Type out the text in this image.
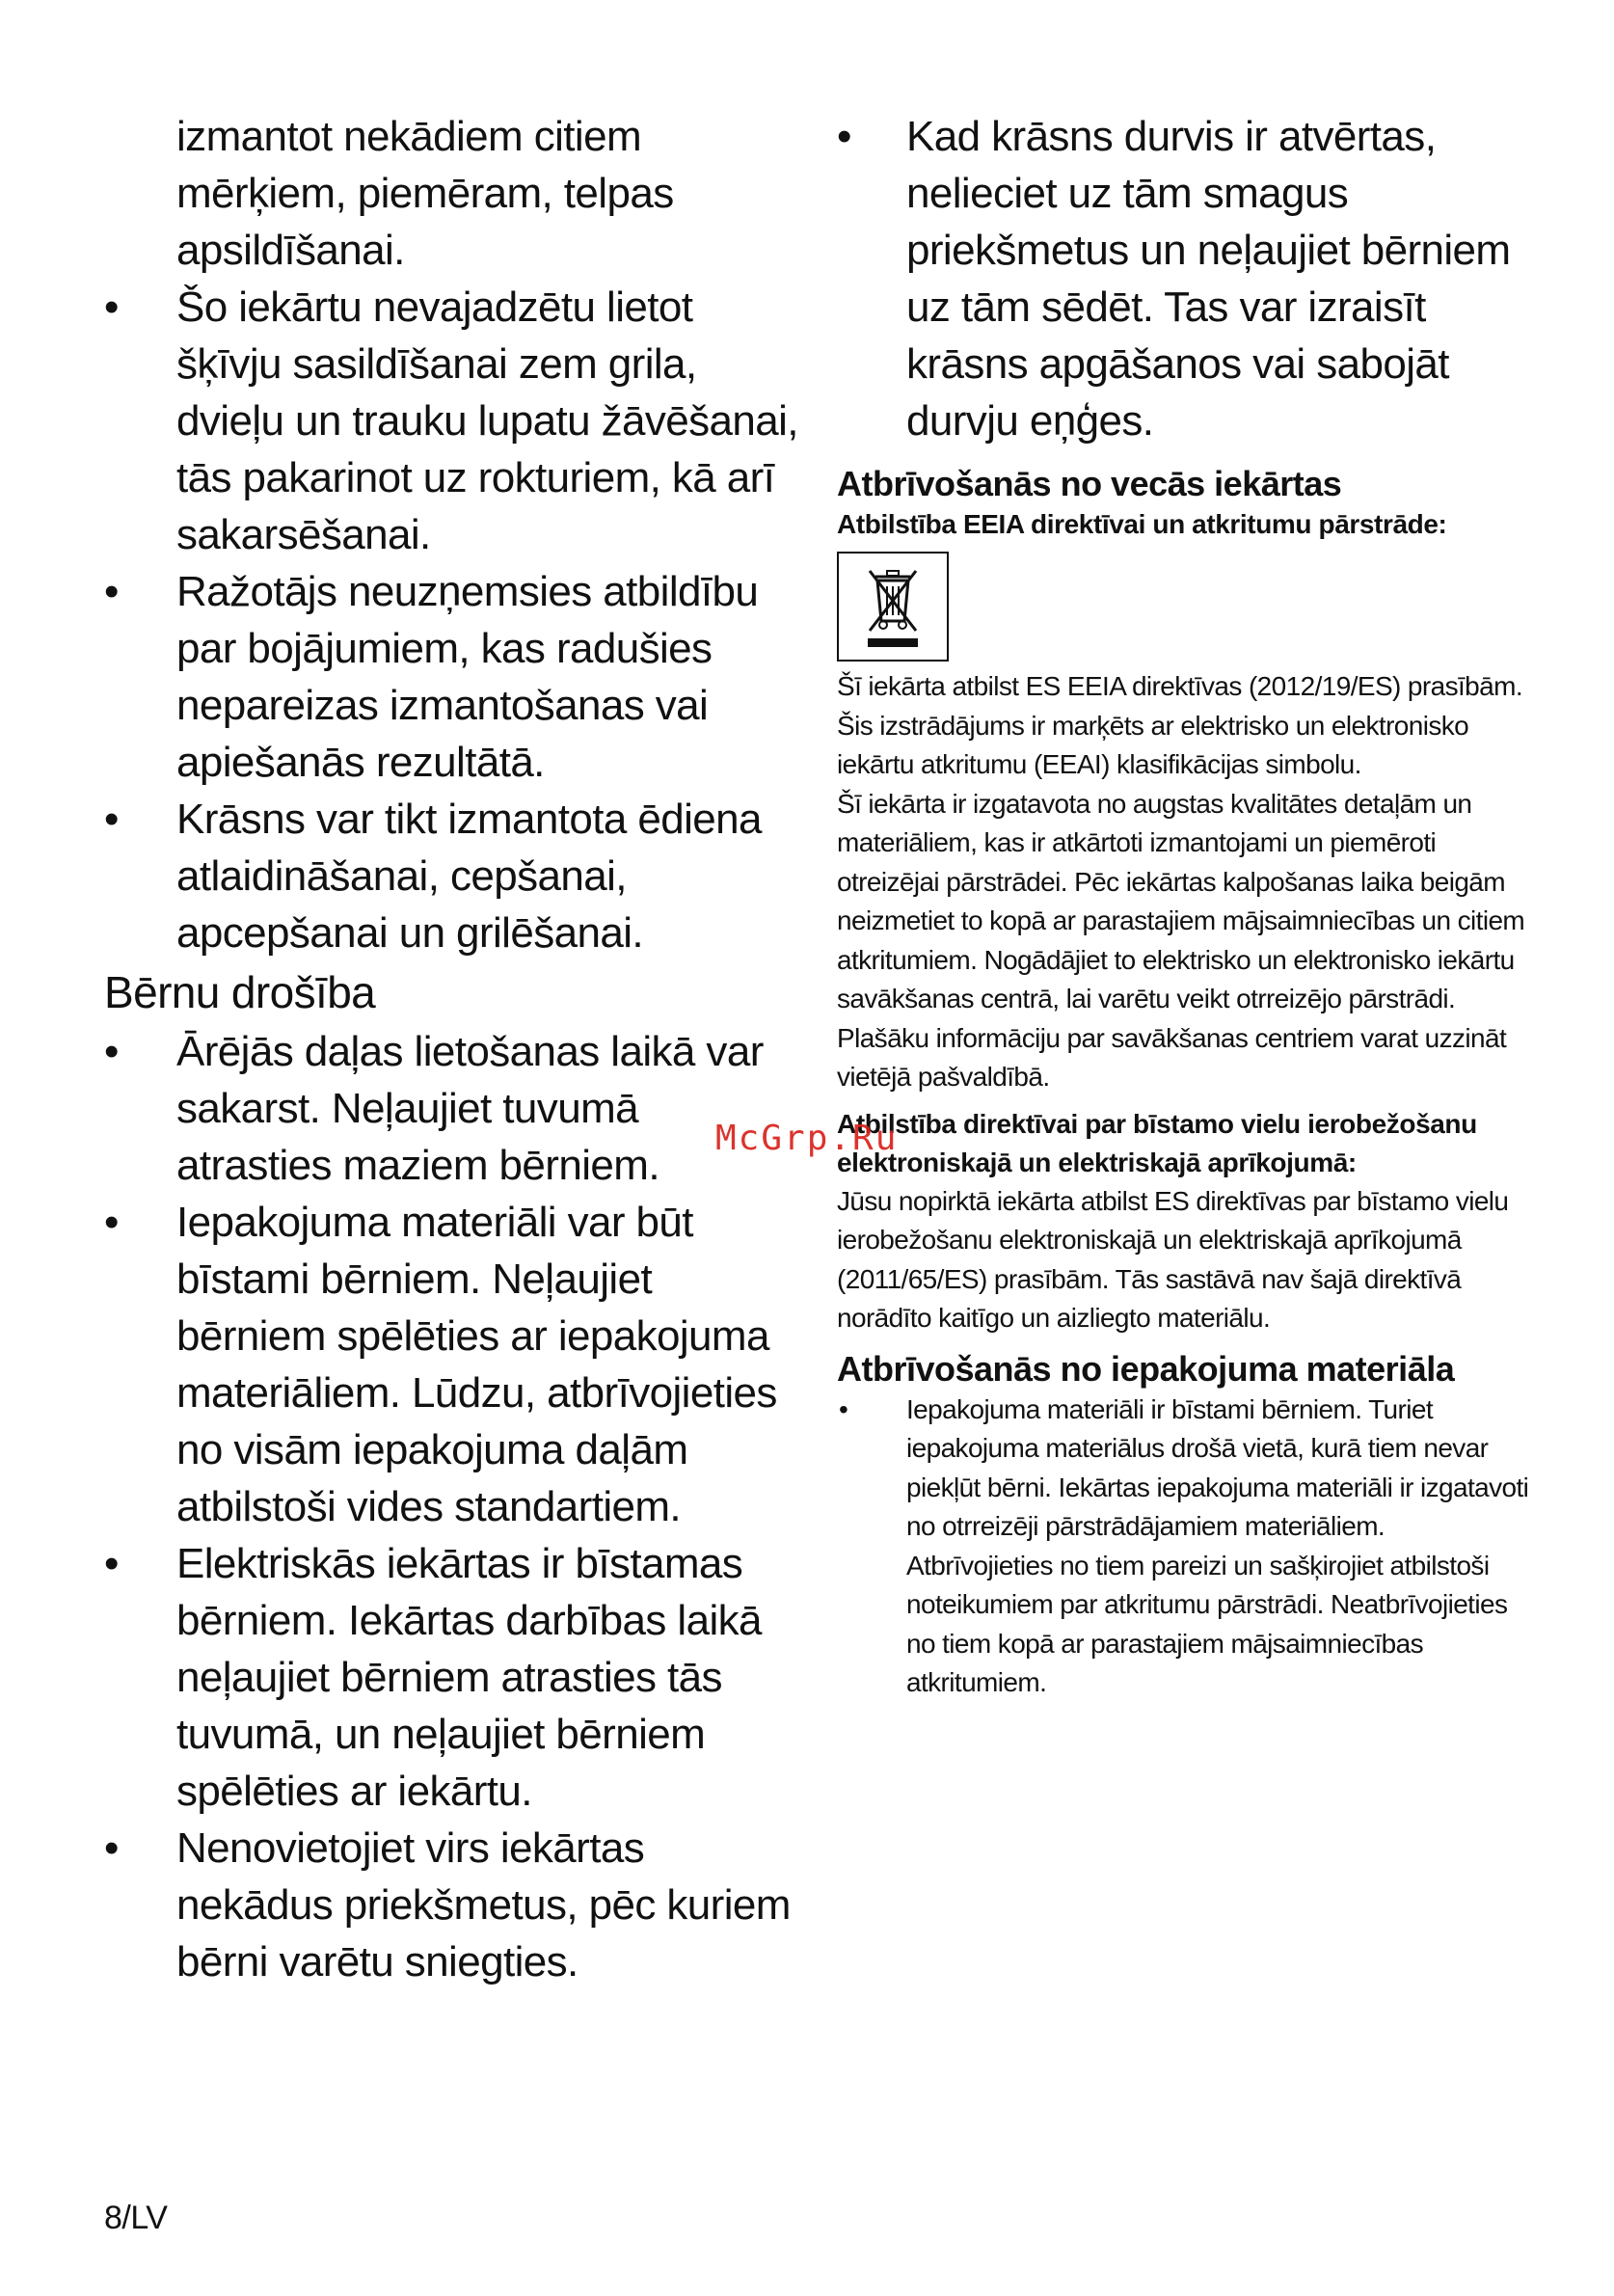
izmantot nekādiem citiem mērķiem, piemēram, telpas apsildīšanai.
•	Šo iekārtu nevajadzētu lietot šķīvju sasildīšanai zem grila, dvieļu un trauku lupatu žāvēšanai, tās pakarinot uz rokturiem, kā arī sakarsēšanai.
•	Ražotājs neuzņemsies atbildību par bojājumiem, kas radušies nepareizas izmantošanas vai apiešanās rezultātā.
•	Krāsns var tikt izmantota ēdiena atlaidināšanai, cepšanai, apcepšanai un grilēšanai.
Bērnu drošība
•	Ārējās daļas lietošanas laikā var sakarst. Neļaujiet tuvumā atrasties maziem bērniem.
•	Iepakojuma materiāli var būt bīstami bērniem. Neļaujiet bērniem spēlēties ar iepakojuma materiāliem. Lūdzu, atbrīvojieties no visām iepakojuma daļām atbilstoši vides standartiem.
•	Elektriskās iekārtas ir bīstamas bērniem. Iekārtas darbības laikā neļaujiet bērniem atrasties tās tuvumā, un neļaujiet bērniem spēlēties ar iekārtu.
•	Nenovietojiet virs iekārtas nekādus priekšmetus, pēc kuriem bērni varētu sniegties.
• Kad krāsns durvis ir atvērtas, nelieciet uz tām smagus priekšmetus un neļaujiet bērniem uz tām sēdēt. Tas var izraisīt krāsns apgāšanos vai sabojāt durvju eņģes.
Atbrīvošanās no vecās iekārtas
Atbilstība EEIA direktīvai un atkritumu pārstrāde:
Šī iekārta atbilst ES EEIA direktīvas (2012/19/ES) prasībām. Šis izstrādājums ir marķēts ar elektrisko un elektronisko iekārtu atkritumu (EEAI) klasifikācijas simbolu.
Šī iekārta ir izgatavota no augstas kvalitātes detaļām un materiāliem, kas ir atkārtoti izmantojami un piemēroti otreizējai pārstrādei. Pēc iekārtas kalpošanas laika beigām neizmetiet to kopā ar parastajiem mājsaimniecības un citiem atkritumiem. Nogādājiet to elektrisko un elektronisko iekārtu savākšanas centrā, lai varētu veikt otrreizējo pārstrādi. Plašāku informāciju par savākšanas centriem varat uzzināt vietējā pašvaldībā.
Atbilstība direktīvai par bīstamo vielu ierobežošanu elektroniskajā un elektriskajā aprīkojumā:
Jūsu nopirktā iekārta atbilst ES direktīvas par bīstamo vielu ierobežošanu elektroniskajā un elektriskajā aprīkojumā (2011/65/ES) prasībām. Tās sastāvā nav šajā direktīvā norādīto kaitīgo un aizliegto materiālu.
Atbrīvošanās no iepakojuma materiāla
• Iepakojuma materiāli ir bīstami bērniem. Turiet iepakojuma materiālus drošā vietā, kurā tiem nevar piekļūt bērni. Iekārtas iepakojuma materiāli ir izgatavoti no otrreizēji pārstrādājamiem materiāliem. Atbrīvojieties no tiem pareizi un sašķirojiet atbilstoši noteikumiem par atkritumu pārstrādi. Neatbrīvojieties no tiem kopā ar parastajiem mājsaimniecības atkritumiem.
McGrp.Ru
8/LV
